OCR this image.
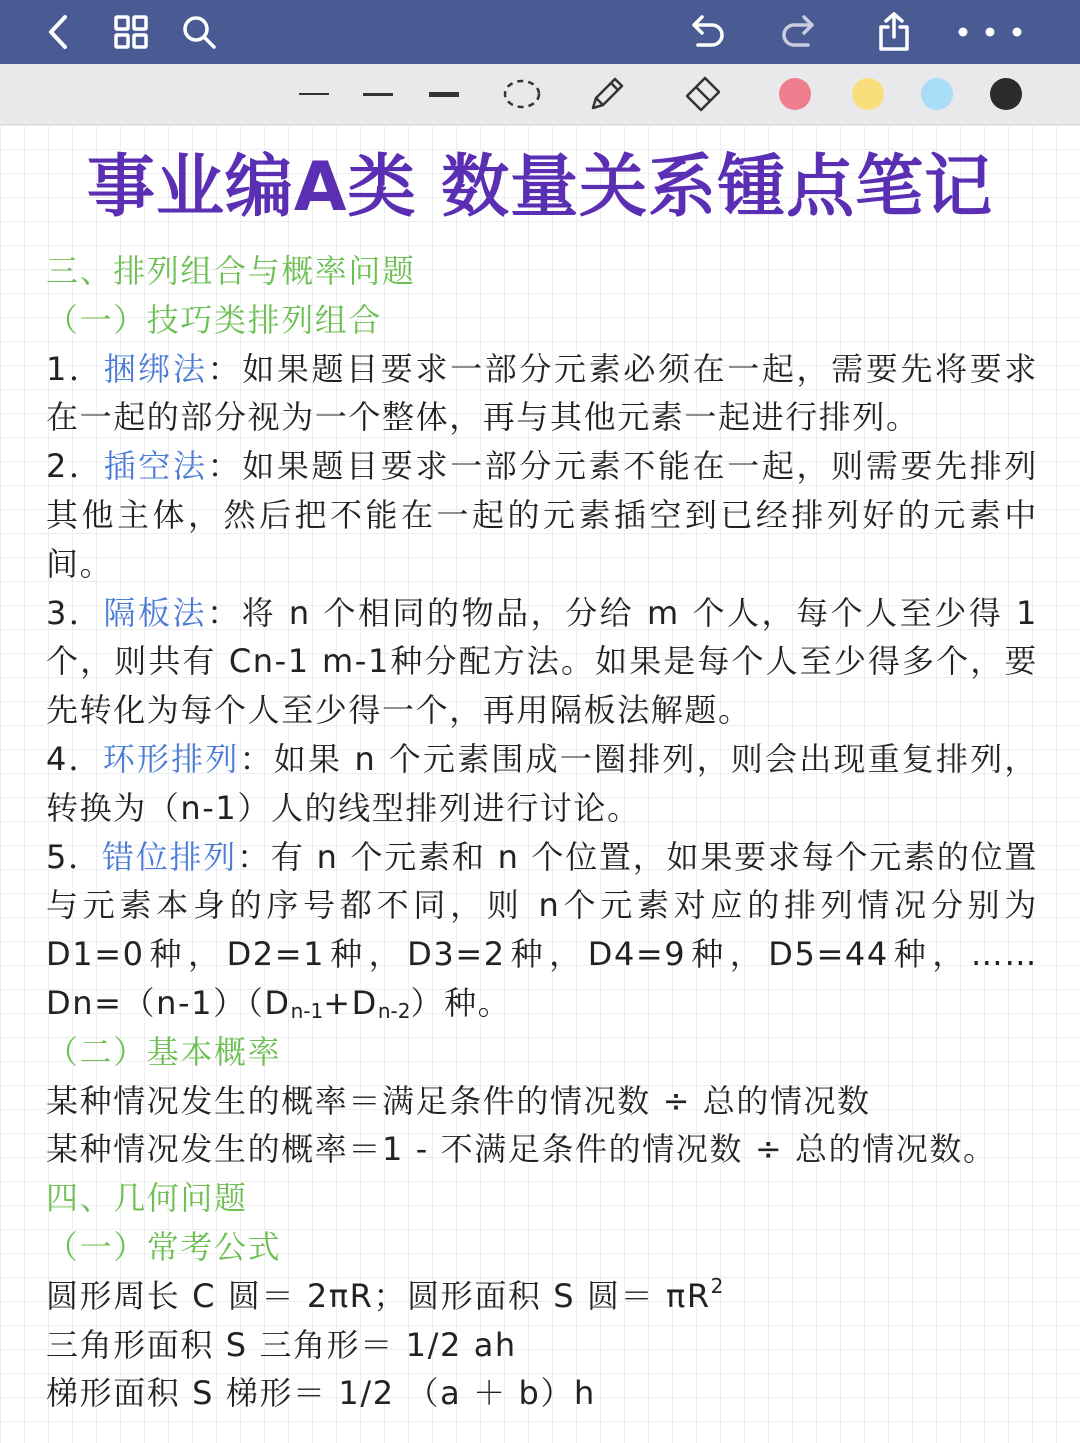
事业编A类 数量关系锺点笔记

三、排列组合与概率问题

（一）技巧类排列组合

1．捆绑法：如果题目要求一部分元素必须在一起，需要先将要求在一起的部分视为一个整体，再与其他元素一起进行排列。

2．插空法：如果题目要求一部分元素不能在一起，则需要先排列其他主体，然后把不能在一起的元素插空到已经排列好的元素中间。

3．隔板法：将 n 个相同的物品，分给 m 个人，每个人至少得 1 个，则共有 Cn-1 m-1种分配方法。如果是每个人至少得多个，要先转化为每个人至少得一个，再用隔板法解题。

4．环形排列：如果 n 个元素围成一圈排列，则会出现重复排列，转换为（n-1）人的线型排列进行讨论。

5．错位排列：有 n 个元素和 n 个位置，如果要求每个元素的位置与元素本身的序号都不同，则 n个元素对应的排列情况分别为 D1=0种，D2=1种，D3=2种，D4=9种，D5=44种，$\dots\dots Dn=(n-1)(D_{n-1}+D_{n-2})$种。

（二）基本概率

某种情况发生的概率＝满足条件的情况数 ÷ 总的情况数

某种情况发生的概率＝1 - 不满足条件的情况数 ÷ 总的情况数。

四、几何问题

（一）常考公式

圆形周长 C 圆＝ 2πR；圆形面积 S 圆＝ $\pi R^2$

三角形面积 S 三角形＝ 1/2 ah

梯形面积 S 梯形＝ 1/2 （a ＋ b）h
